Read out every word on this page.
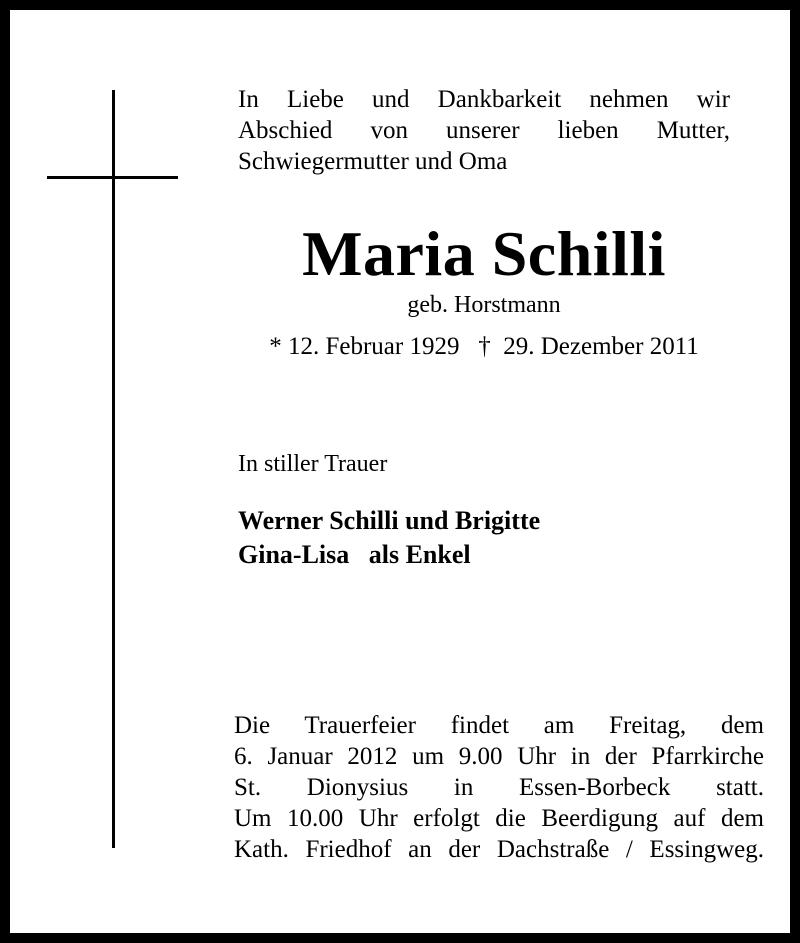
In Liebe und Dankbarkeit nehmen wir
Abschied von unserer lieben Mutter,
Schwiegermutter und Oma
Maria Schilli
geb. Horstmann
* 12. Februar 1929   †  29. Dezember 2011
In stiller Trauer
Werner Schilli und Brigitte
Gina-Lisa   als Enkel
Die Trauerfeier findet am Freitag, dem
6. Januar 2012 um 9.00 Uhr in der Pfarrkirche
St. Dionysius in Essen-Borbeck statt.
Um 10.00 Uhr erfolgt die Beerdigung auf dem
Kath. Friedhof an der Dachstraße / Essingweg.
